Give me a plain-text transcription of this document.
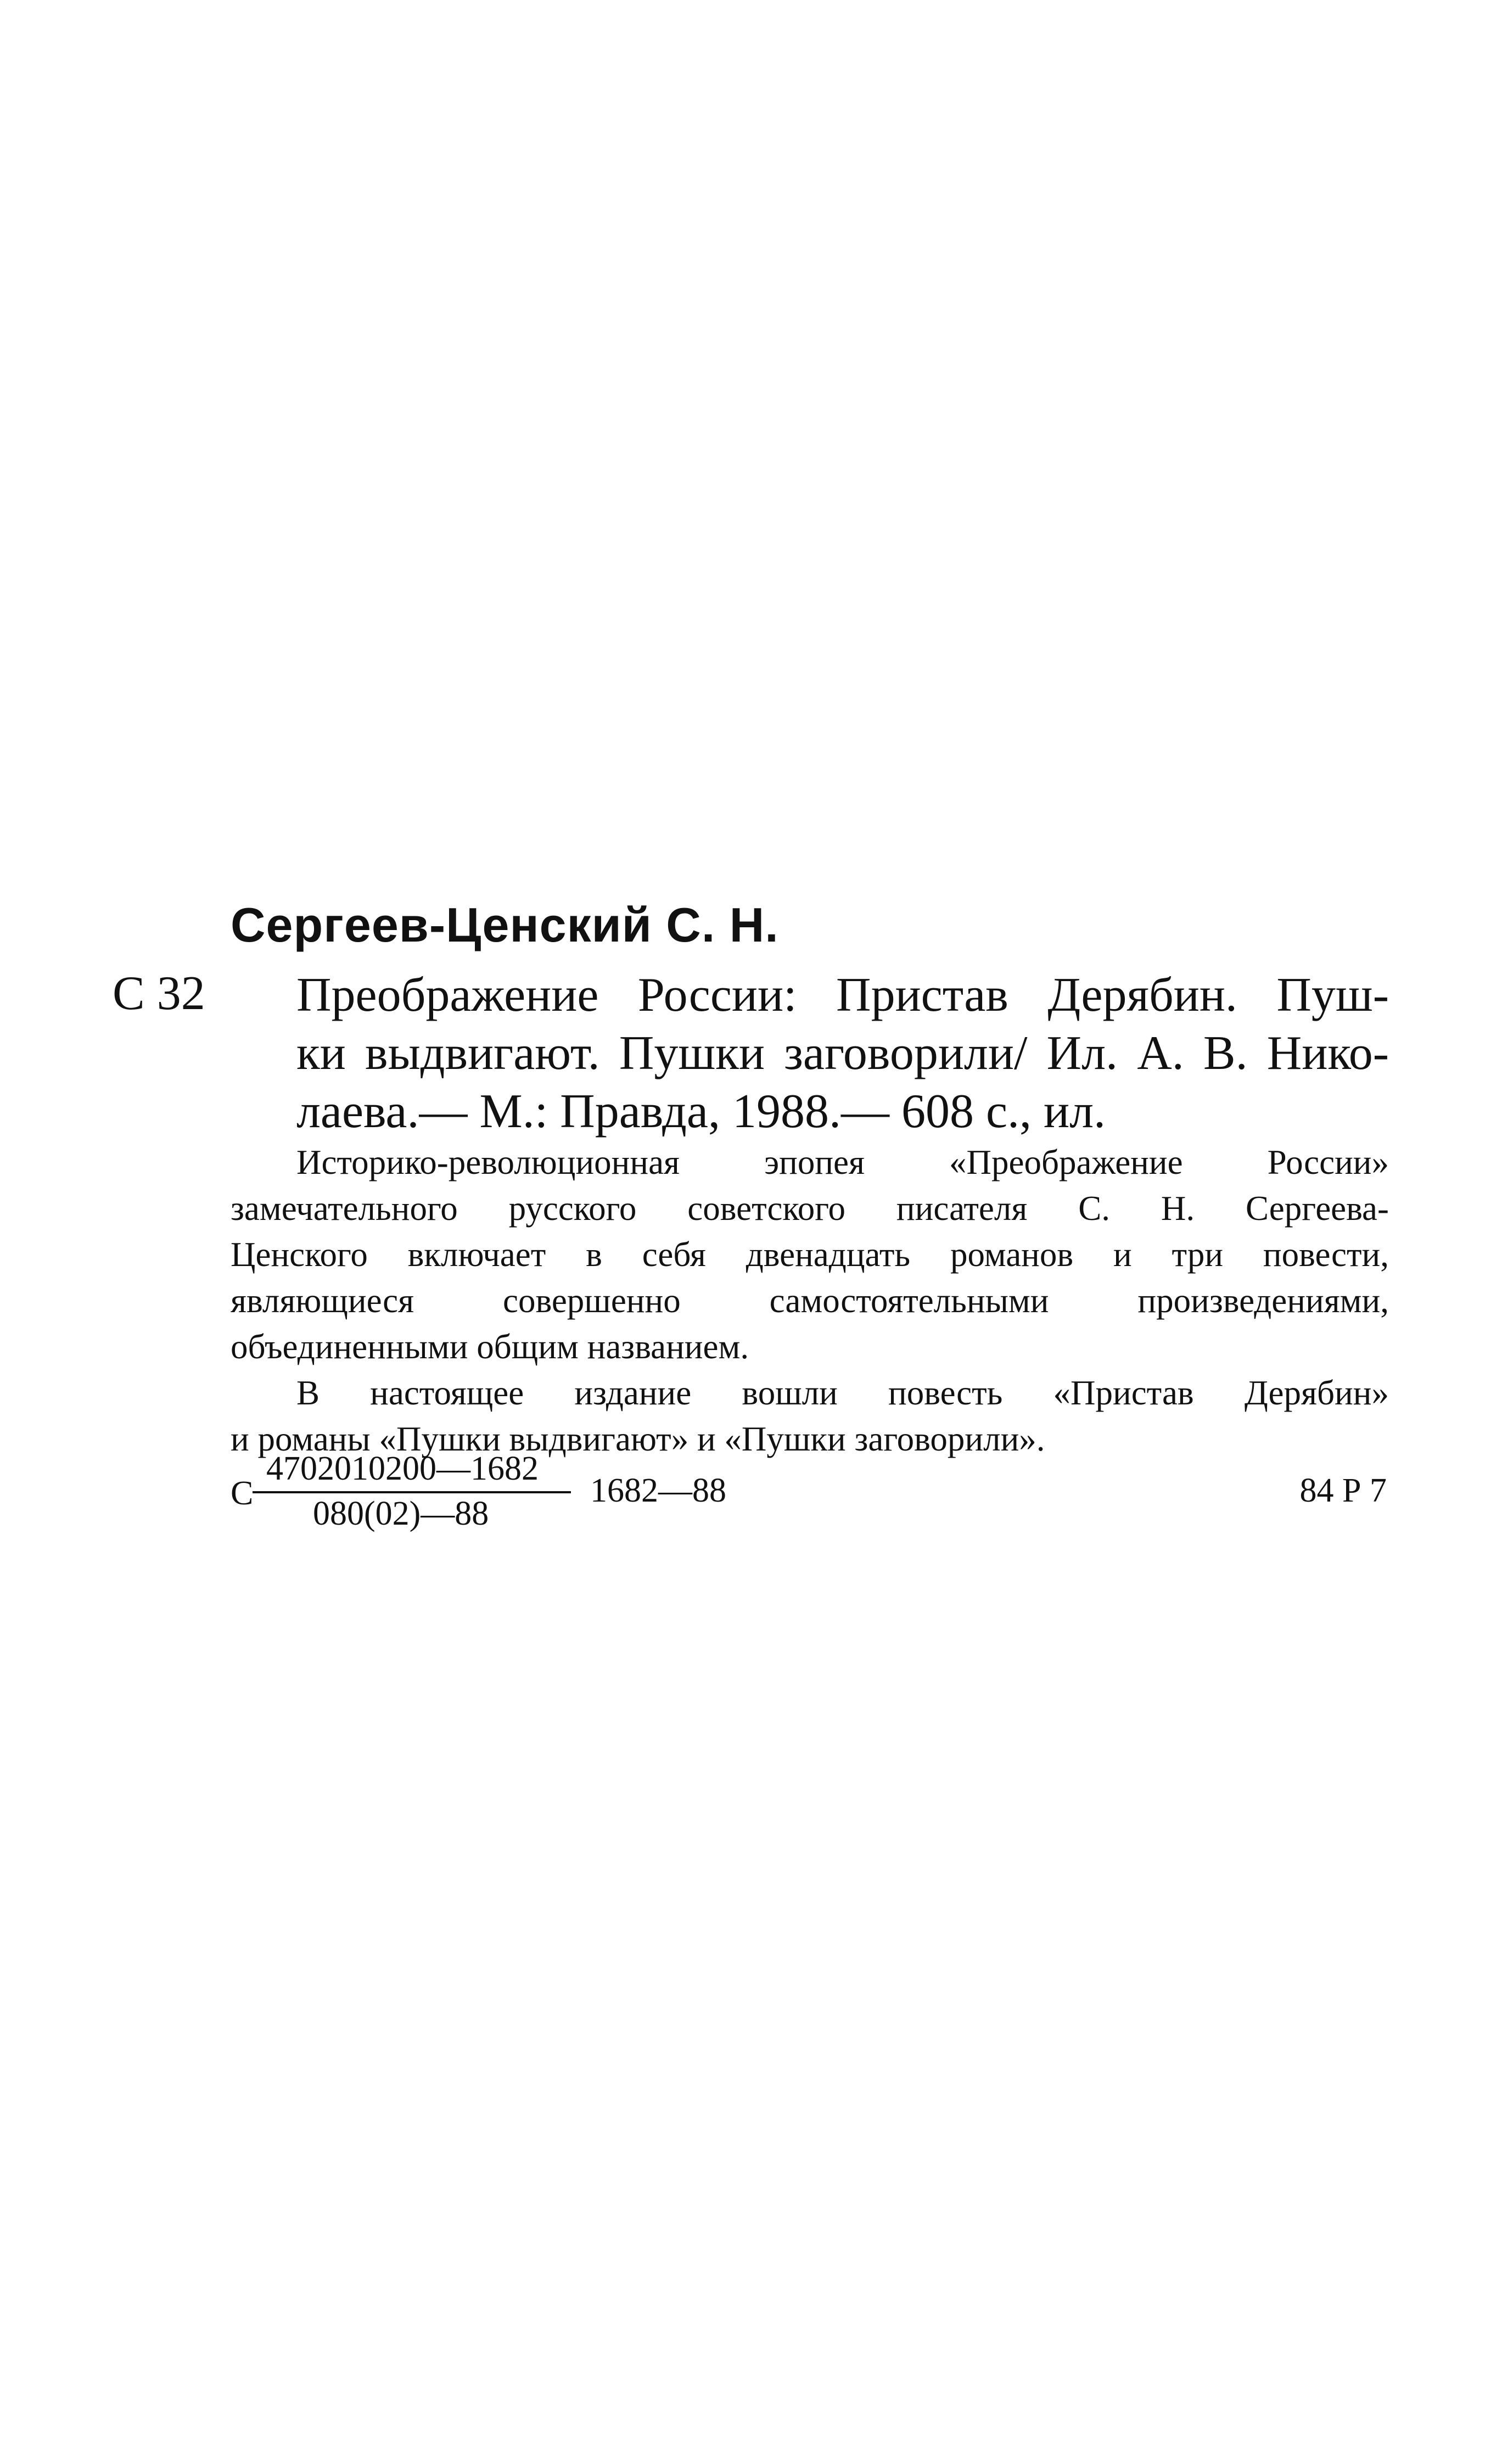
Сергеев-Ценский С. Н.
С 32 Преображение России: Пристав Дерябин. Пуш-
ки выдвигают. Пушки заговорили/ Ил. А. В. Нико-
лаева.— М.: Правда, 1988.— 608 с., ил.
Историко-революционная эпопея «Преображение России»
замечательного русского советского писателя С. Н. Сергеева-
Ценского включает в себя двенадцать романов и три повести,
являющиеся совершенно самостоятельными произведениями,
объединенными общим названием.
В настоящее издание вошли повесть «Пристав Дерябин»
и романы «Пушки выдвигают» и «Пушки заговорили».
С
$\frac{4702010200—1682}{080(02)—88}$ 1682—88	84 Р 7
